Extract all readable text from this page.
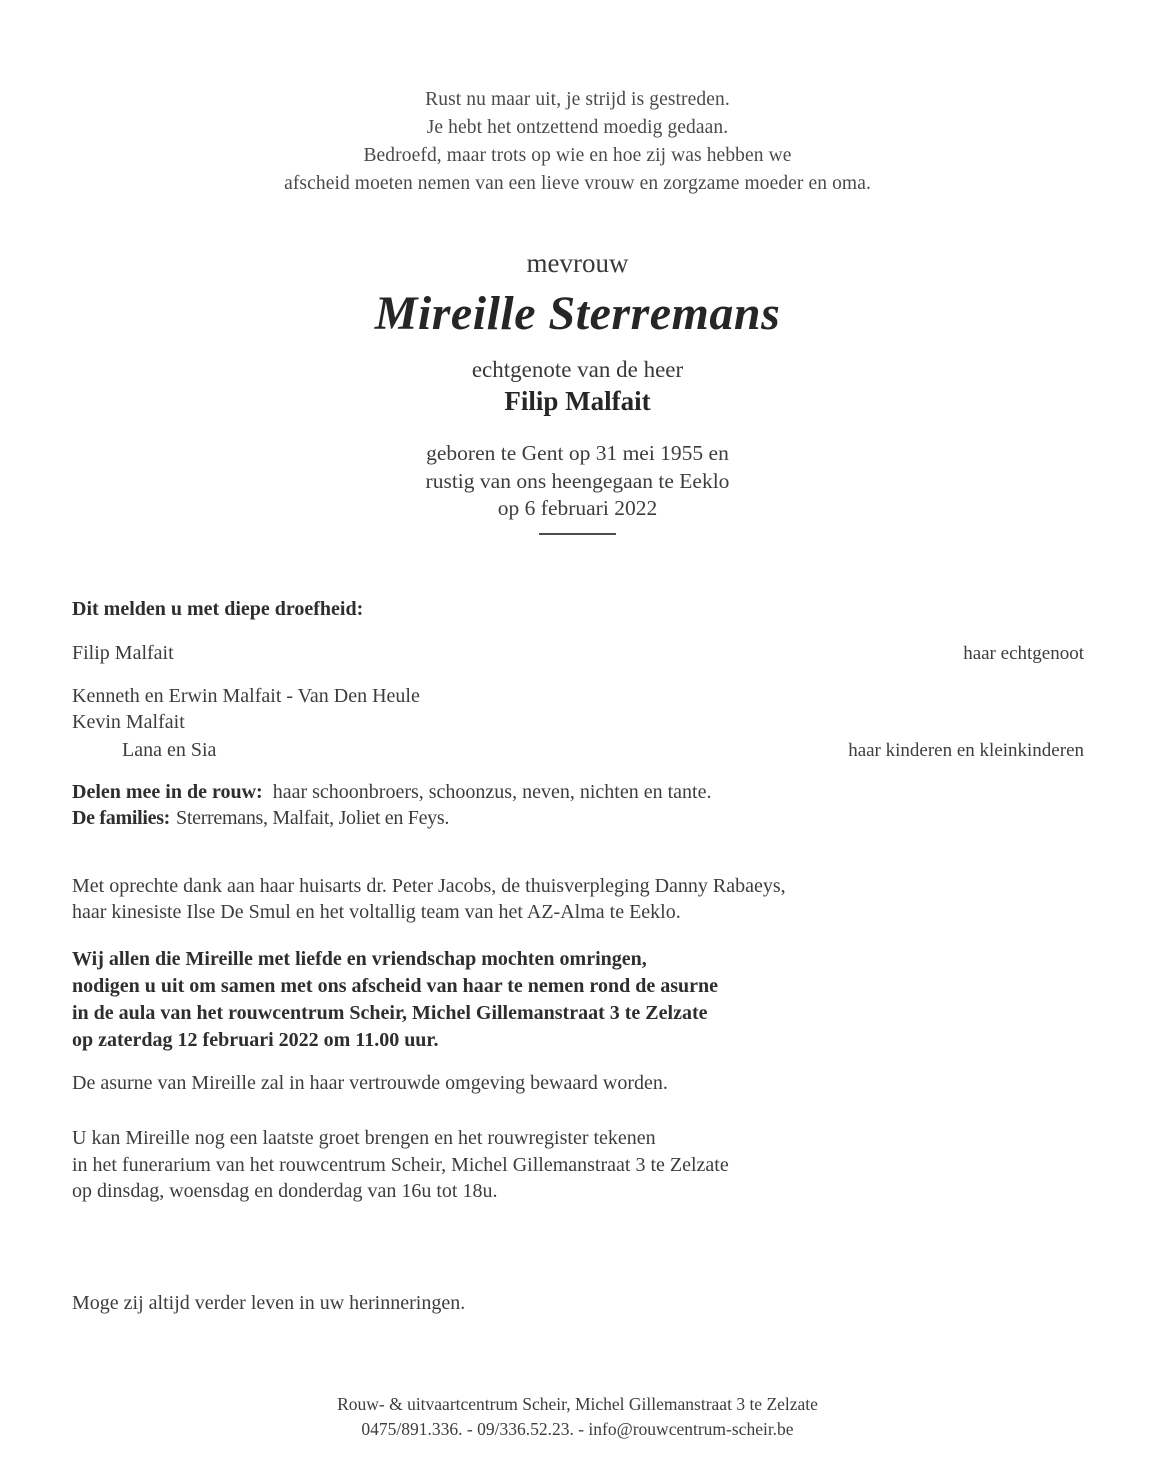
Rust nu maar uit, je strijd is gestreden.

Je hebt het ontzettend moedig gedaan.

Bedroefd, maar trots op wie en hoe zij was hebben we

afscheid moeten nemen van een lieve vrouw en zorgzame moeder en oma.

mevrouw
Mireille Sterremans
echtgenote van de heer
Filip Malfait

geboren te Gent op 31 mei 1955 en

rustig van ons heengegaan te Eeklo

op 6 februari 2022

Dit melden u met diepe droefheid:

Filip Malfait	haar echtgenoot

Kenneth en Erwin Malfait - Van Den Heule

Kevin Malfait

Lana en Sia	haar kinderen en kleinkinderen

Delen mee in de rouw: haar schoonbroers, schoonzus, neven, nichten en tante.

De families: Sterremans, Malfait, Joliet en Feys.

Met oprechte dank aan haar huisarts dr. Peter Jacobs, de thuisverpleging Danny Rabaeys,

haar kinesiste Ilse De Smul en het voltallig team van het AZ-Alma te Eeklo.

Wij allen die Mireille met liefde en vriendschap mochten omringen,

nodigen u uit om samen met ons afscheid van haar te nemen rond de asurne

in de aula van het rouwcentrum Scheir, Michel Gillemanstraat 3 te Zelzate

op zaterdag 12 februari 2022 om 11.00 uur.

De asurne van Mireille zal in haar vertrouwde omgeving bewaard worden.

U kan Mireille nog een laatste groet brengen en het rouwregister tekenen

in het funerarium van het rouwcentrum Scheir, Michel Gillemanstraat 3 te Zelzate

op dinsdag, woensdag en donderdag van 16u tot 18u.

Moge zij altijd verder leven in uw herinneringen.

Rouw- & uitvaartcentrum Scheir, Michel Gillemanstraat 3 te Zelzate

0475/891.336. - 09/336.52.23. - info@rouwcentrum-scheir.be
